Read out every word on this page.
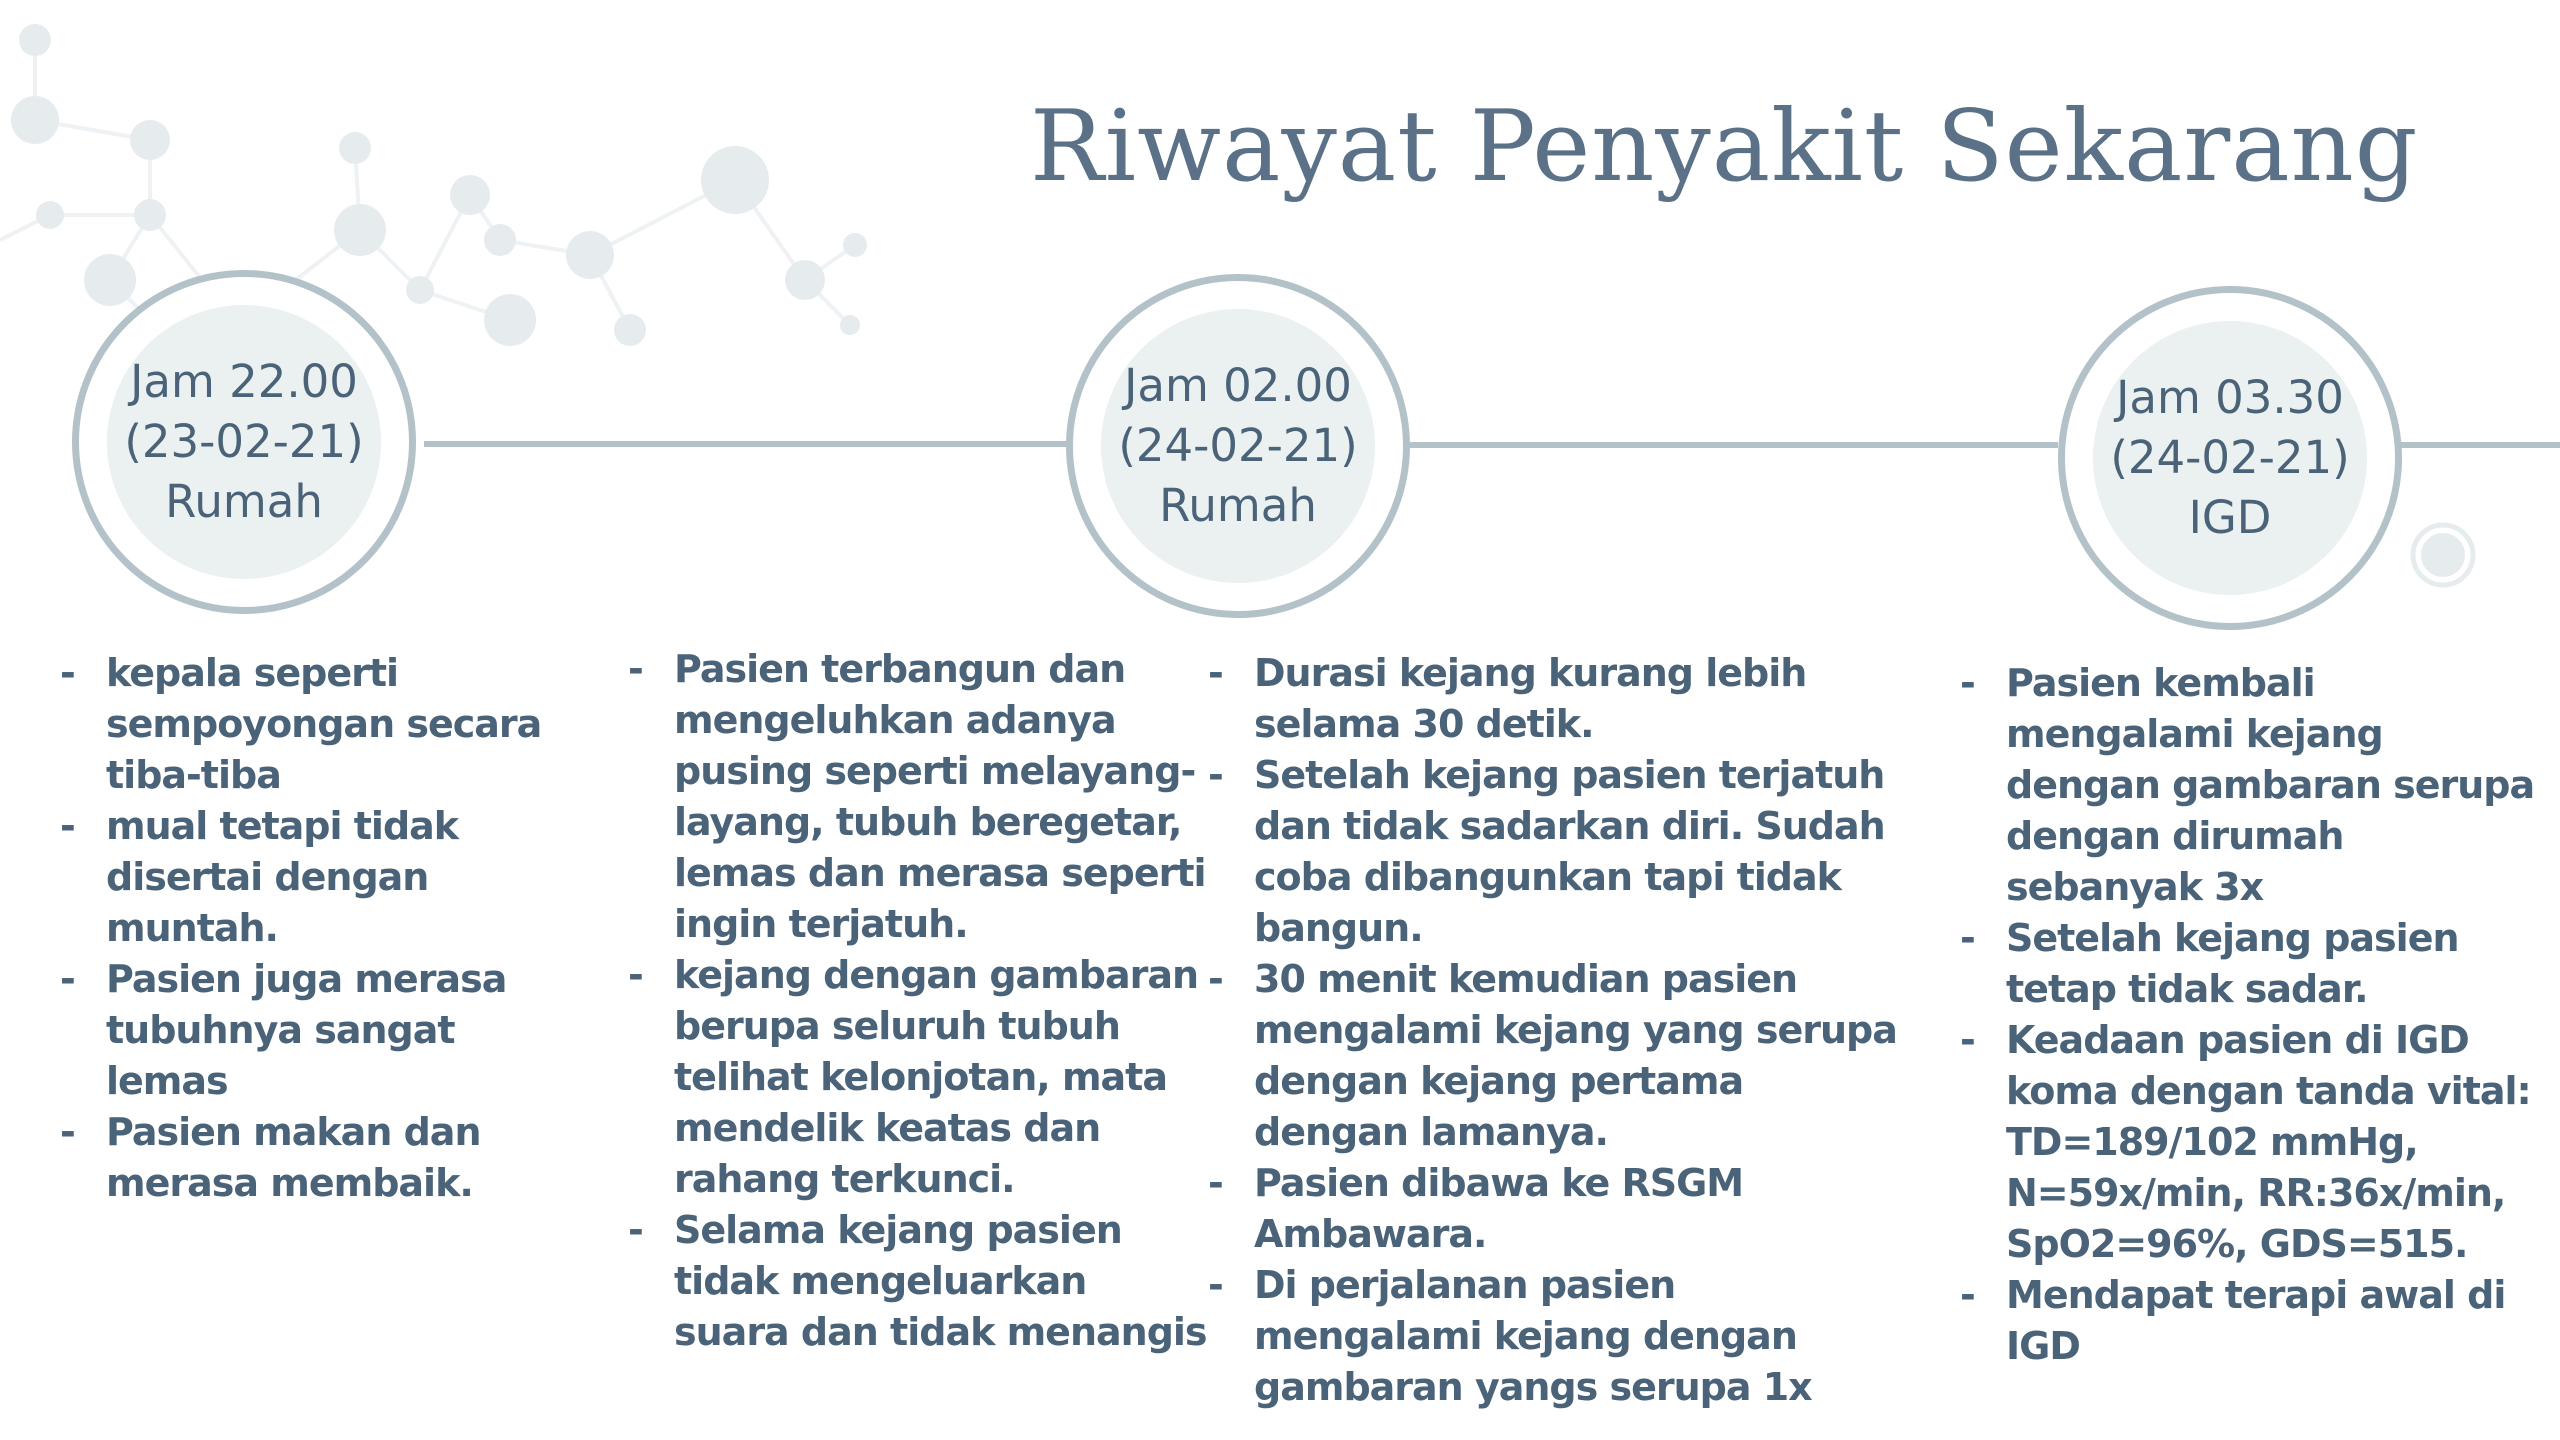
Riwayat Penyakit Sekarang
Jam 22.00
(23-02-21)
Rumah
Jam 02.00
(24-02-21)
Rumah
Jam 03.30
(24-02-21)
IGD
- kepala seperti sempoyongan secara tiba-tiba
- mual tetapi tidak disertai dengan muntah.
- Pasien juga merasa tubuhnya sangat lemas
- Pasien makan dan merasa membaik.
- Pasien terbangun dan mengeluhkan adanya pusing seperti melayang-layang, tubuh beregetar, lemas dan merasa seperti ingin terjatuh.
- kejang dengan gambaran berupa seluruh tubuh telihat kelonjotan, mata mendelik keatas dan rahang terkunci.
- Selama kejang pasien tidak mengeluarkan suara dan tidak menangis
- Durasi kejang kurang lebih selama 30 detik.
- Setelah kejang pasien terjatuh dan tidak sadarkan diri. Sudah coba dibangunkan tapi tidak bangun.
- 30 menit kemudian pasien mengalami kejang yang serupa dengan kejang pertama dengan lamanya.
- Pasien dibawa ke RSGM Ambawara.
- Di perjalanan pasien mengalami kejang dengan gambaran yangs serupa 1x
- Pasien kembali mengalami kejang dengan gambaran serupa dengan dirumah sebanyak 3x
- Setelah kejang pasien tetap tidak sadar.
- Keadaan pasien di IGD koma dengan tanda vital: TD=189/102 mmHg, N=59x/min, RR:36x/min, SpO2=96%, GDS=515.
- Mendapat terapi awal di IGD
